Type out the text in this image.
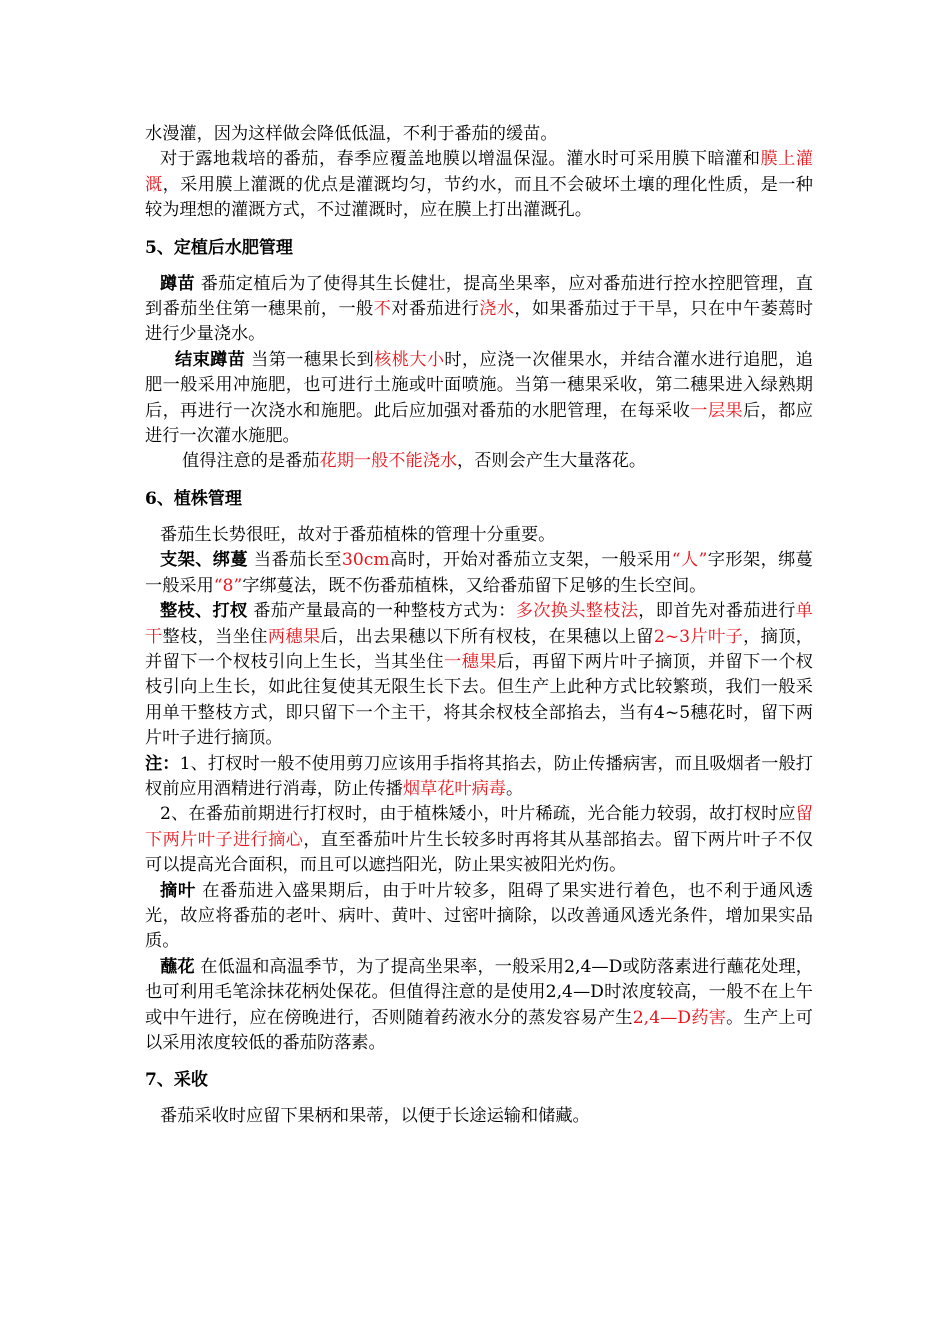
水漫灌，因为这样做会降低低温，不利于番茄的缓苗。

对于露地栽培的番茄，春季应覆盖地膜以增温保湿。灌水时可采用膜下暗灌和膜上灌溉，采用膜上灌溉的优点是灌溉均匀，节约水，而且不会破坏土壤的理化性质，是一种较为理想的灌溉方式，不过灌溉时，应在膜上打出灌溉孔。

5、定植后水肥管理

蹲苗 番茄定植后为了使得其生长健壮，提高坐果率，应对番茄进行控水控肥管理，直到番茄坐住第一穗果前，一般不对番茄进行浇水，如果番茄过于干旱，只在中午萎蔫时进行少量浇水。

结束蹲苗 当第一穗果长到核桃大小时，应浇一次催果水，并结合灌水进行追肥，追肥一般采用冲施肥，也可进行土施或叶面喷施。当第一穗果采收，第二穗果进入绿熟期后，再进行一次浇水和施肥。此后应加强对番茄的水肥管理，在每采收一层果后，都应进行一次灌水施肥。

值得注意的是番茄花期一般不能浇水，否则会产生大量落花。

6、植株管理

番茄生长势很旺，故对于番茄植株的管理十分重要。

支架、绑蔓 当番茄长至30cm高时，开始对番茄立支架，一般采用“人”字形架，绑蔓一般采用“8”字绑蔓法，既不伤番茄植株，又给番茄留下足够的生长空间。

整枝、打杈 番茄产量最高的一种整枝方式为：多次换头整枝法，即首先对番茄进行单干整枝，当坐住两穗果后，出去果穗以下所有杈枝，在果穗以上留2~3片叶子，摘顶，并留下一个杈枝引向上生长，当其坐住一穗果后，再留下两片叶子摘顶，并留下一个杈枝引向上生长，如此往复使其无限生长下去。但生产上此种方式比较繁琐，我们一般采用单干整枝方式，即只留下一个主干，将其余杈枝全部掐去，当有4~5穗花时，留下两片叶子进行摘顶。

注：1、打杈时一般不使用剪刀应该用手指将其掐去，防止传播病害，而且吸烟者一般打杈前应用酒精进行消毒，防止传播烟草花叶病毒。

2、在番茄前期进行打杈时，由于植株矮小，叶片稀疏，光合能力较弱，故打杈时应留下两片叶子进行摘心，直至番茄叶片生长较多时再将其从基部掐去。留下两片叶子不仅可以提高光合面积，而且可以遮挡阳光，防止果实被阳光灼伤。

摘叶 在番茄进入盛果期后，由于叶片较多，阻碍了果实进行着色，也不利于通风透光，故应将番茄的老叶、病叶、黄叶、过密叶摘除，以改善通风透光条件，增加果实品质。

蘸花 在低温和高温季节，为了提高坐果率，一般采用2,4—D或防落素进行蘸花处理，也可利用毛笔涂抹花柄处保花。但值得注意的是使用2,4—D时浓度较高，一般不在上午或中午进行，应在傍晚进行，否则随着药液水分的蒸发容易产生2,4—D药害。生产上可以采用浓度较低的番茄防落素。

7、采收

番茄采收时应留下果柄和果蒂，以便于长途运输和储藏。
